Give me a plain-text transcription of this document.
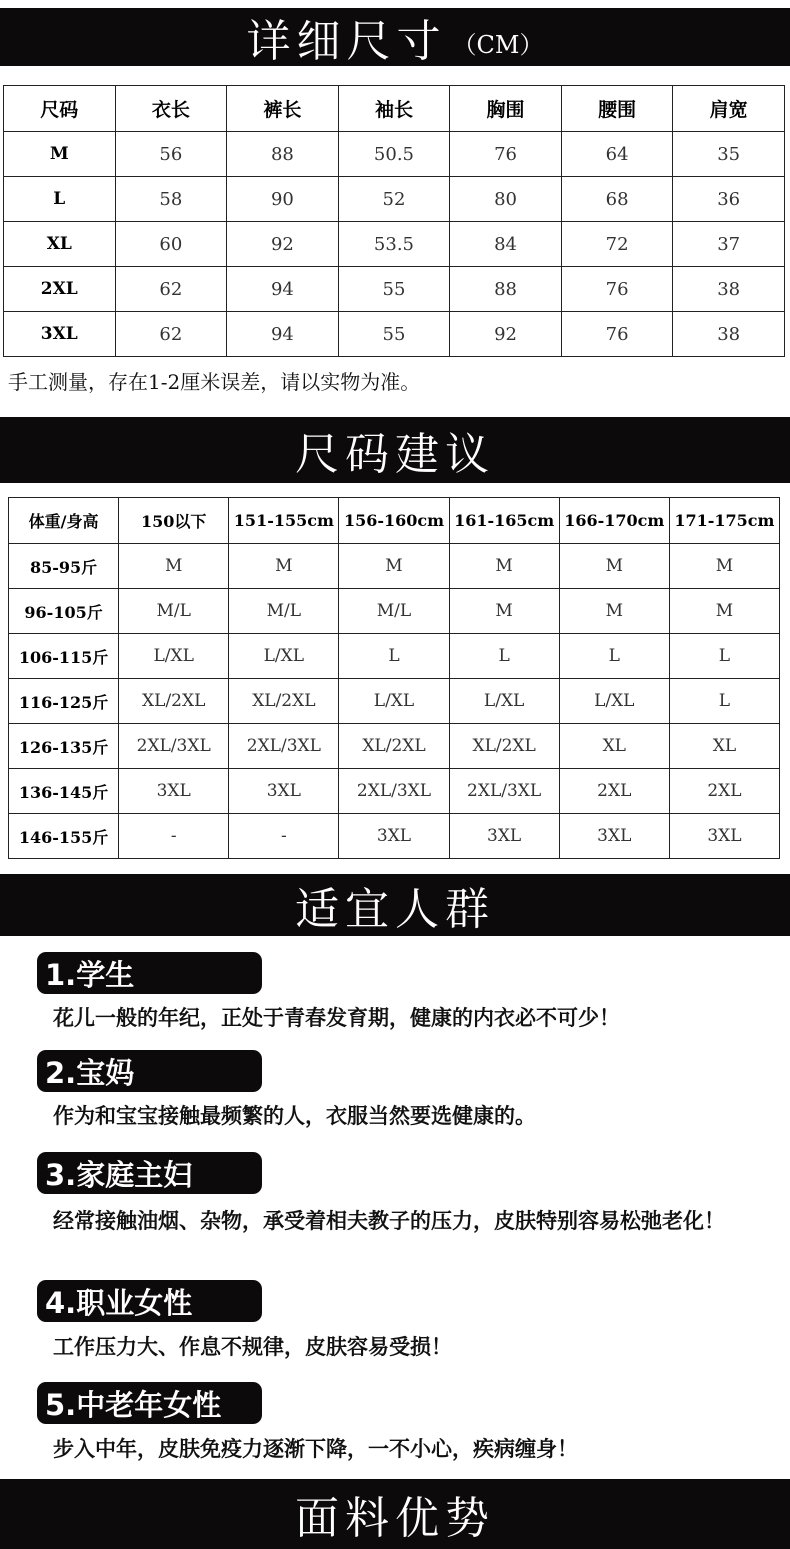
详细尺寸 （CM）
尺码	衣长	裤长	袖长	胸围	腰围	肩宽
M	56	88	50.5	76	64	35
L	58	90	52	80	68	36
XL	60	92	53.5	84	72	37
2XL	62	94	55	88	76	38
3XL	62	94	55	92	76	38
手工测量，存在1-2厘米误差，请以实物为准。
尺码建议
体重/身高	150以下	151-155cm	156-160cm	161-165cm	166-170cm	171-175cm
85-95斤	M	M	M	M	M	M
96-105斤	M/L	M/L	M/L	M	M	M
106-115斤	L/XL	L/XL	L	L	L	L
116-125斤	XL/2XL	XL/2XL	L/XL	L/XL	L/XL	L
126-135斤	2XL/3XL	2XL/3XL	XL/2XL	XL/2XL	XL	XL
136-145斤	3XL	3XL	2XL/3XL	2XL/3XL	2XL	2XL
146-155斤	-	-	3XL	3XL	3XL	3XL
适宜人群
1.学生
花儿一般的年纪，正处于青春发育期，健康的内衣必不可少！
2.宝妈
作为和宝宝接触最频繁的人，衣服当然要选健康的。
3.家庭主妇
经常接触油烟、杂物，承受着相夫教子的压力，皮肤特别容易松弛老化！
4.职业女性
工作压力大、作息不规律，皮肤容易受损！
5.中老年女性
步入中年，皮肤免疫力逐渐下降，一不小心，疾病缠身！
面料优势
